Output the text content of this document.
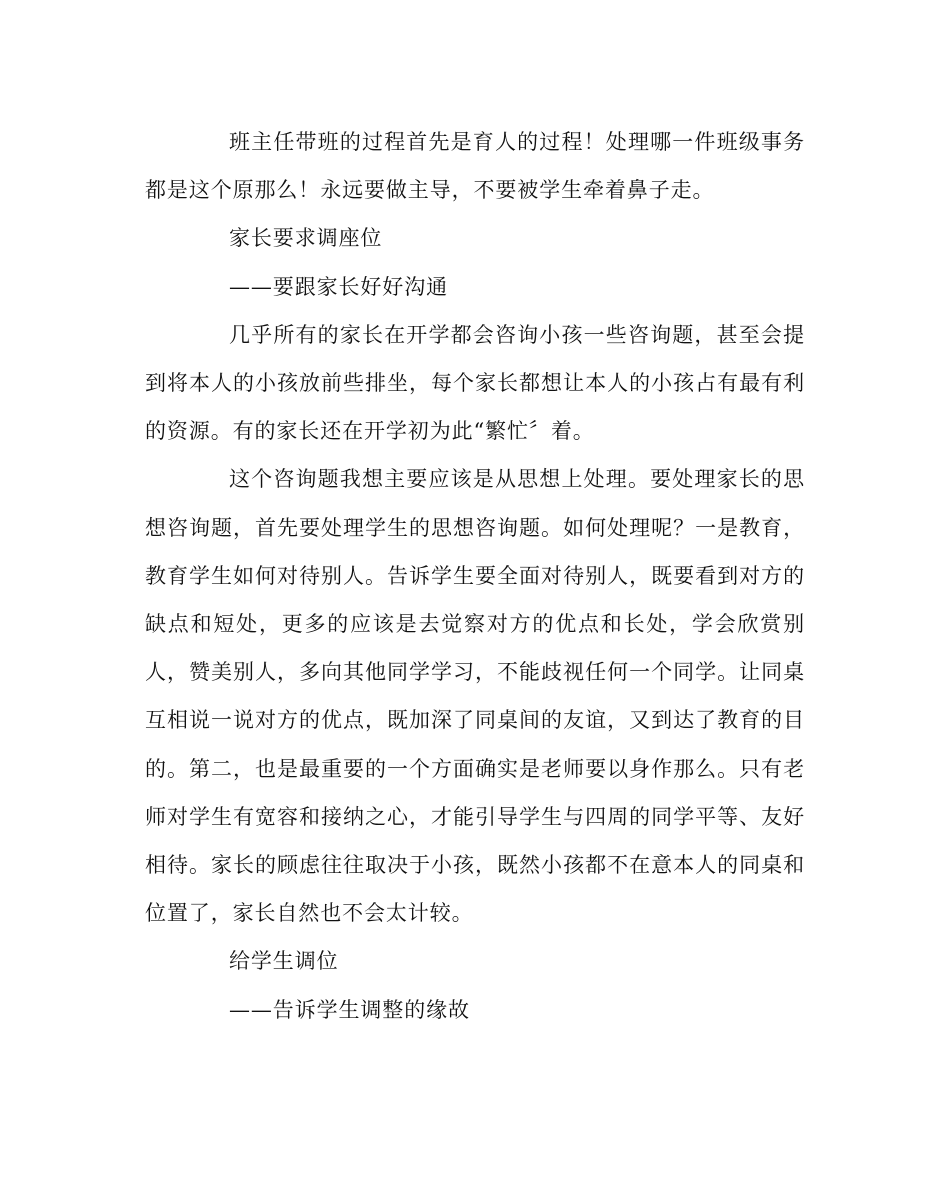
班主任带班的过程首先是育人的过程！处理哪一件班级事务都是这个原那么！永远要做主导，不要被学生牵着鼻子走。

家长要求调座位

——要跟家长好好沟通

几乎所有的家长在开学都会咨询小孩一些咨询题，甚至会提到将本人的小孩放前些排坐，每个家长都想让本人的小孩占有最有利的资源。有的家长还在开学初为此“繁忙〞着。

这个咨询题我想主要应该是从思想上处理。要处理家长的思想咨询题，首先要处理学生的思想咨询题。如何处理呢？一是教育，教育学生如何对待别人。告诉学生要全面对待别人，既要看到对方的缺点和短处，更多的应该是去觉察对方的优点和长处，学会欣赏别人，赞美别人，多向其他同学学习，不能歧视任何一个同学。让同桌互相说一说对方的优点，既加深了同桌间的友谊，又到达了教育的目的。第二，也是最重要的一个方面确实是老师要以身作那么。只有老师对学生有宽容和接纳之心，才能引导学生与四周的同学平等、友好相待。家长的顾虑往往取决于小孩，既然小孩都不在意本人的同桌和位置了，家长自然也不会太计较。

给学生调位

——告诉学生调整的缘故
